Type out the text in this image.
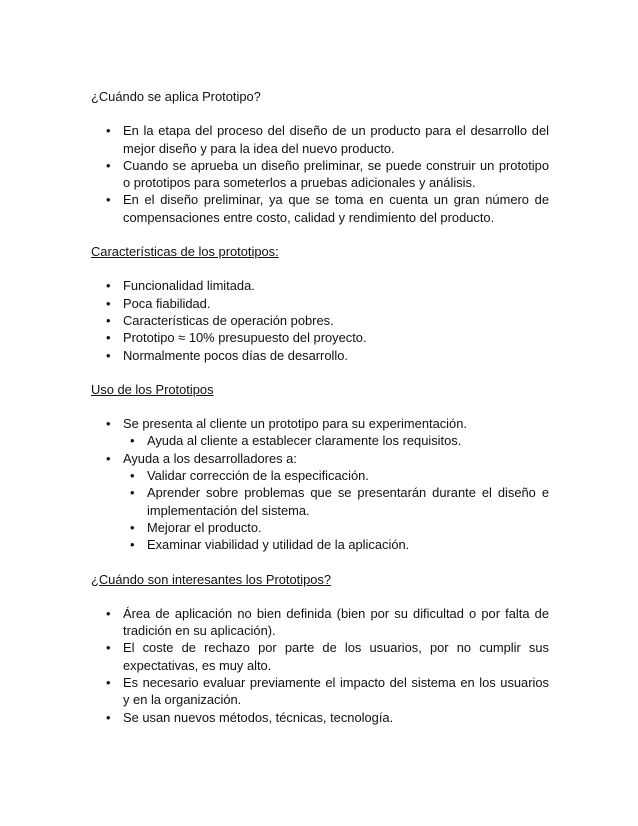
¿Cuándo se aplica Prototipo?

• En la etapa del proceso del diseño de un producto para el desarrollo del mejor diseño y para la idea del nuevo producto.
• Cuando se aprueba un diseño preliminar, se puede construir un prototipo o prototipos para someterlos a pruebas adicionales y análisis.
• En el diseño preliminar, ya que se toma en cuenta un gran número de compensaciones entre costo, calidad y rendimiento del producto.

Características de los prototipos:

• Funcionalidad limitada.
• Poca fiabilidad.
• Características de operación pobres.
• Prototipo ≈ 10% presupuesto del proyecto.
• Normalmente pocos días de desarrollo.

Uso de los Prototipos

• Se presenta al cliente un prototipo para su experimentación.
• Ayuda al cliente a establecer claramente los requisitos.
• Ayuda a los desarrolladores a:
• Validar corrección de la especificación.
• Aprender sobre problemas que se presentarán durante el diseño e implementación del sistema.
• Mejorar el producto.
• Examinar viabilidad y utilidad de la aplicación.

¿Cuándo son interesantes los Prototipos?

• Área de aplicación no bien definida (bien por su dificultad o por falta de tradición en su aplicación).
• El coste de rechazo por parte de los usuarios, por no cumplir sus expectativas, es muy alto.
• Es necesario evaluar previamente el impacto del sistema en los usuarios y en la organización.
• Se usan nuevos métodos, técnicas, tecnología.
